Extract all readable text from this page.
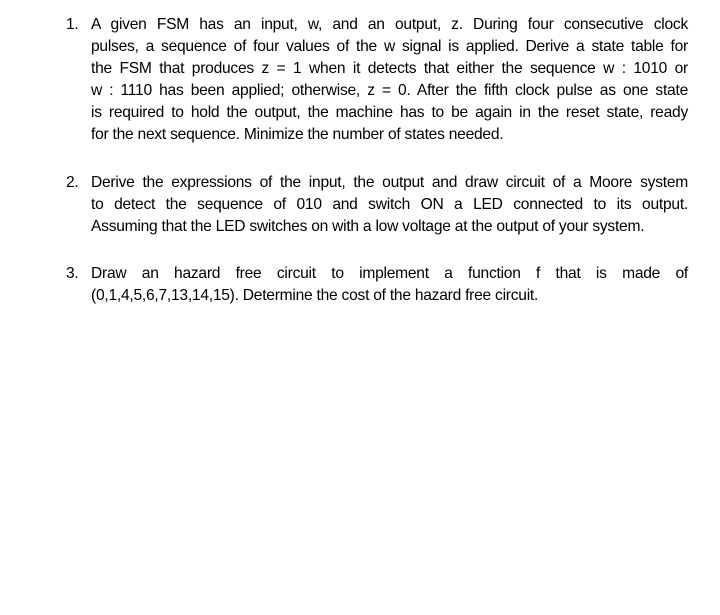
1. A given FSM has an input, w, and an output, z. During four consecutive clock
pulses, a sequence of four values of the w signal is applied. Derive a state table for
the FSM that produces z = 1 when it detects that either the sequence w : 1010 or
w : 1110 has been applied; otherwise, z = 0. After the fifth clock pulse as one state
is required to hold the output, the machine has to be again in the reset state, ready
for the next sequence. Minimize the number of states needed.
2. Derive the expressions of the input, the output and draw circuit of a Moore system
to detect the sequence of 010 and switch ON a LED connected to its output.
Assuming that the LED switches on with a low voltage at the output of your system.
3. Draw an hazard free circuit to implement a function f that is made of
(0,1,4,5,6,7,13,14,15). Determine the cost of the hazard free circuit.
